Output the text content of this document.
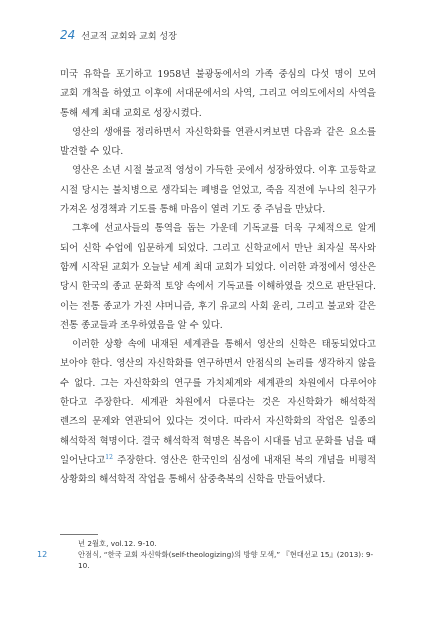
24 선교적 교회와 교회 성장

미국 유학을 포기하고 1958년 불광동에서의 가족 중심의 다섯 명이 모여 교회 개척을 하였고 이후에 서대문에서의 사역, 그리고 여의도에서의 사역을 통해 세계 최대 교회로 성장시켰다.

영산의 생애를 정리하면서 자신학화를 연관시켜보면 다음과 같은 요소를 발견할 수 있다.

영산은 소년 시절 불교적 영성이 가득한 곳에서 성장하였다. 이후 고등학교 시절 당시는 불치병으로 생각되는 폐병을 얻었고, 죽음 직전에 누나의 친구가 가져온 성경책과 기도를 통해 마음이 열려 기도 중 주님을 만났다.

그후에 선교사들의 통역을 돕는 가운데 기독교를 더욱 구체적으로 알게 되어 신학 수업에 입문하게 되었다. 그리고 신학교에서 만난 최자실 목사와 함께 시작된 교회가 오늘날 세계 최대 교회가 되었다. 이러한 과정에서 영산은 당시 한국의 종교 문화적 토양 속에서 기독교를 이해하였을 것으로 판단된다. 이는 전통 종교가 가진 샤머니즘, 후기 유교의 사회 윤리, 그리고 불교와 같은 전통 종교들과 조우하였음을 알 수 있다.

이러한 상황 속에 내재된 세계관을 통해서 영산의 신학은 태동되었다고 보아야 한다. 영산의 자신학화를 연구하면서 안점식의 논리를 생각하지 않을 수 없다. 그는 자신학화의 연구를 가치체계와 세계관의 차원에서 다루어야 한다고 주장한다. 세계관 차원에서 다룬다는 것은 자신학화가 해석학적 렌즈의 문제와 연관되어 있다는 것이다. 따라서 자신학화의 작업은 일종의 해석학적 혁명이다. 결국 해석학적 혁명은 복음이 시대를 넘고 문화를 넘을 때 일어난다고$^{12}$ 주장한다. 영산은 한국인의 심성에 내재된 복의 개념을 비평적 상황화의 해석학적 작업을 통해서 삼중축복의 신학을 만들어냈다.

년 2월호, vol.12. 9-10.
12	안점식, “한국 교회 자신학화(self-theologizing)의 방향 모색,” 『현대선교 15』(2013): 9-10.
